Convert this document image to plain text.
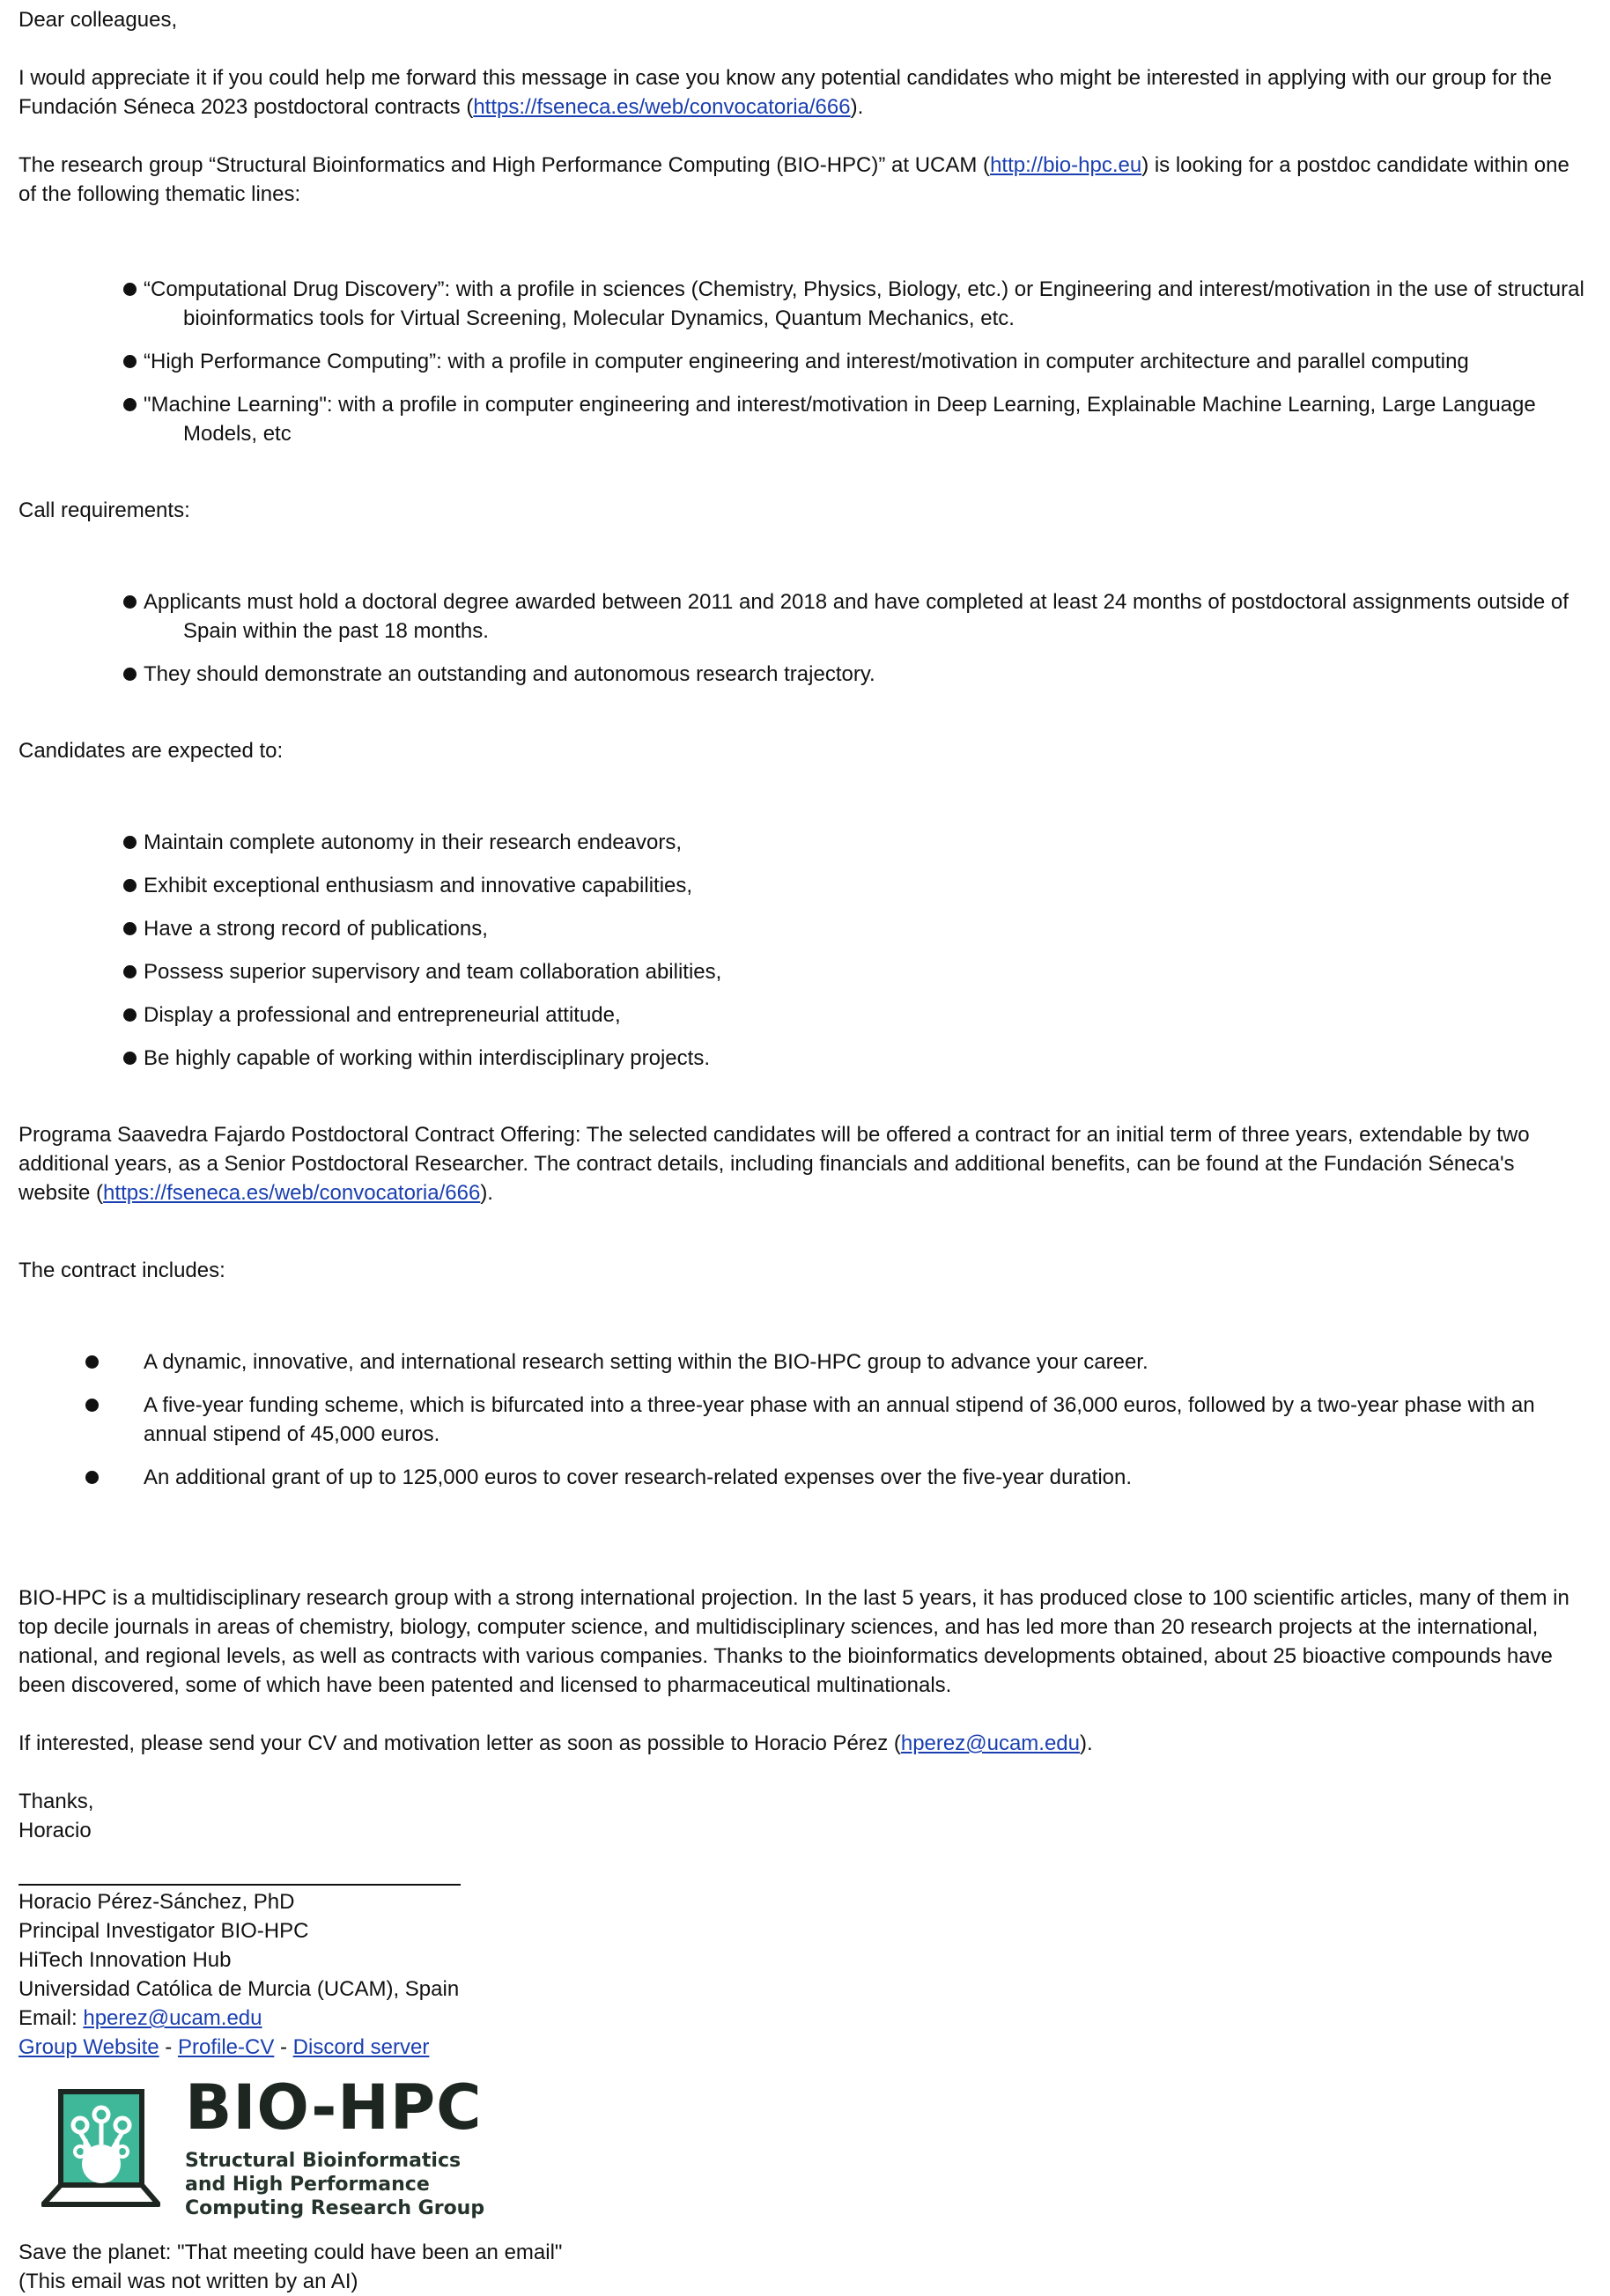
Dear colleagues,

I would appreciate it if you could help me forward this message in case you know any potential candidates who might be interested in applying with our group for the Fundación Séneca 2023 postdoctoral contracts (https://fseneca.es/web/convocatoria/666).

The research group “Structural Bioinformatics and High Performance Computing (BIO-HPC)” at UCAM (http://bio-hpc.eu) is looking for a postdoc candidate within one of the following thematic lines:

“Computational Drug Discovery”: with a profile in sciences (Chemistry, Physics, Biology, etc.) or Engineering and interest/motivation in the use of structural bioinformatics tools for Virtual Screening, Molecular Dynamics, Quantum Mechanics, etc.
“High Performance Computing”: with a profile in computer engineering and interest/motivation in computer architecture and parallel computing
"Machine Learning": with a profile in computer engineering and interest/motivation in Deep Learning, Explainable Machine Learning, Large Language Models, etc

Call requirements:

Applicants must hold a doctoral degree awarded between 2011 and 2018 and have completed at least 24 months of postdoctoral assignments outside of Spain within the past 18 months.
They should demonstrate an outstanding and autonomous research trajectory.

Candidates are expected to:

Maintain complete autonomy in their research endeavors,
Exhibit exceptional enthusiasm and innovative capabilities,
Have a strong record of publications,
Possess superior supervisory and team collaboration abilities,
Display a professional and entrepreneurial attitude,
Be highly capable of working within interdisciplinary projects.

Programa Saavedra Fajardo Postdoctoral Contract Offering: The selected candidates will be offered a contract for an initial term of three years, extendable by two additional years, as a Senior Postdoctoral Researcher. The contract details, including financials and additional benefits, can be found at the Fundación Séneca's website (https://fseneca.es/web/convocatoria/666).

The contract includes:

A dynamic, innovative, and international research setting within the BIO-HPC group to advance your career.
A five-year funding scheme, which is bifurcated into a three-year phase with an annual stipend of 36,000 euros, followed by a two-year phase with an annual stipend of 45,000 euros.
An additional grant of up to 125,000 euros to cover research-related expenses over the five-year duration.

BIO-HPC is a multidisciplinary research group with a strong international projection. In the last 5 years, it has produced close to 100 scientific articles, many of them in top decile journals in areas of chemistry, biology, computer science, and multidisciplinary sciences, and has led more than 20 research projects at the international, national, and regional levels, as well as contracts with various companies. Thanks to the bioinformatics developments obtained, about 25 bioactive compounds have been discovered, some of which have been patented and licensed to pharmaceutical multinationals.

If interested, please send your CV and motivation letter as soon as possible to Horacio Pérez (hperez@ucam.edu).

Thanks,

Horacio

Horacio Pérez-Sánchez, PhD

Principal Investigator BIO-HPC

HiTech Innovation Hub

Universidad Católica de Murcia (UCAM), Spain

Email: hperez@ucam.edu

Group Website - Profile-CV - Discord server

BIO-HPC
Structural Bioinformatics
and High Performance
Computing Research Group

Save the planet: "That meeting could have been an email"

(This email was not written by an AI)
